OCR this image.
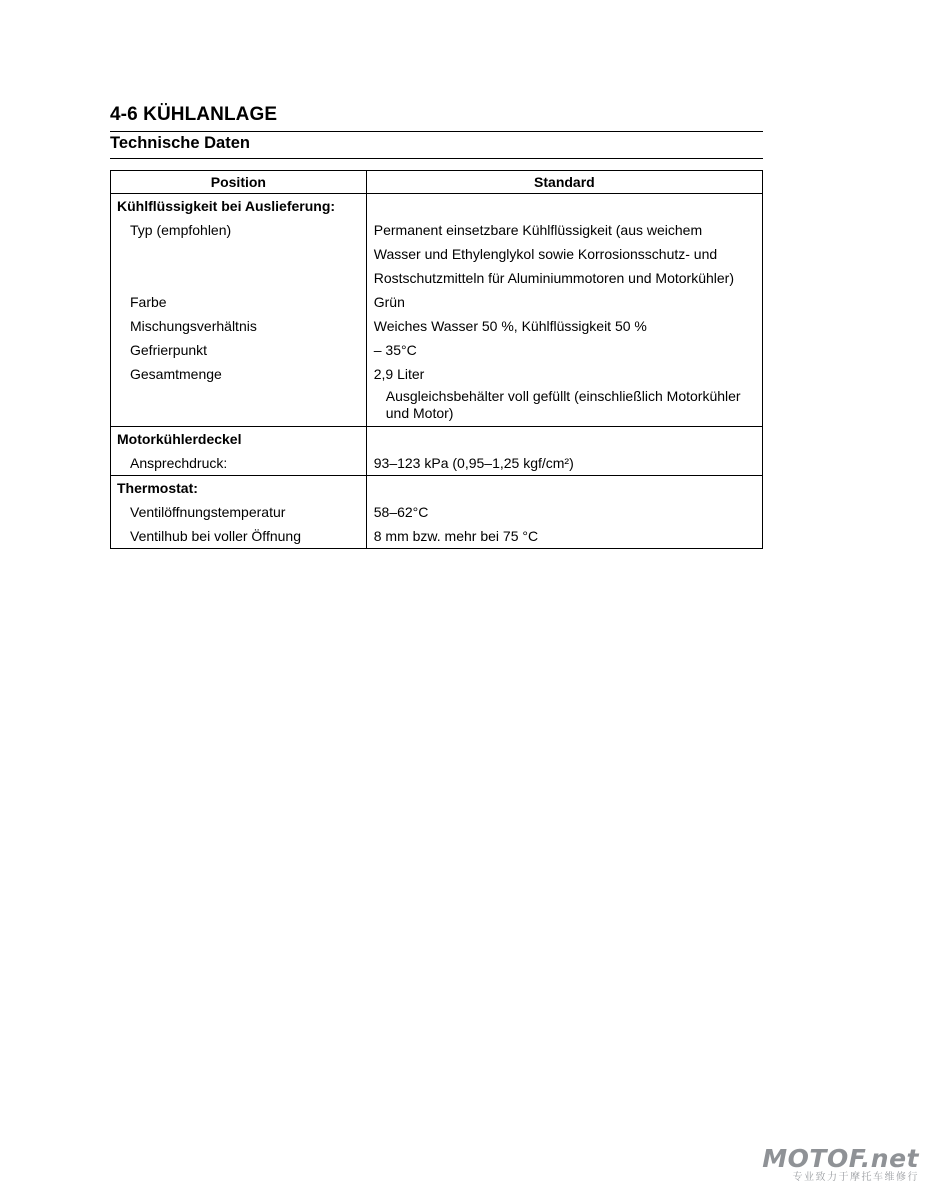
4-6 KÜHLANLAGE
Technische Daten
Position	Standard
Kühlflüssigkeit bei Auslieferung:	
Typ (empfohlen)	Permanent einsetzbare Kühlflüssigkeit (aus weichem
Wasser und Ethylenglykol sowie Korrosionsschutz- und
Rostschutzmitteln für Aluminiummotoren und Motorkühler)

Farbe	Grün
Mischungsverhältnis	Weiches Wasser 50 %, Kühlflüssigkeit 50 %
Gefrierpunkt	– 35°C
Gesamtmenge	2,9 Liter

	Ausgleichsbehälter voll gefüllt (einschließlich Motorkühler
und Motor)

Motorkühlerdeckel	
Ansprechdruck:	93–123 kPa (0,95–1,25 kgf/cm²)
Thermostat:	
Ventilöffnungstemperatur	58–62°C
Ventilhub bei voller Öffnung	8 mm bzw. mehr bei 75 °C
MOTOF.net
专业致力于摩托车维修行
